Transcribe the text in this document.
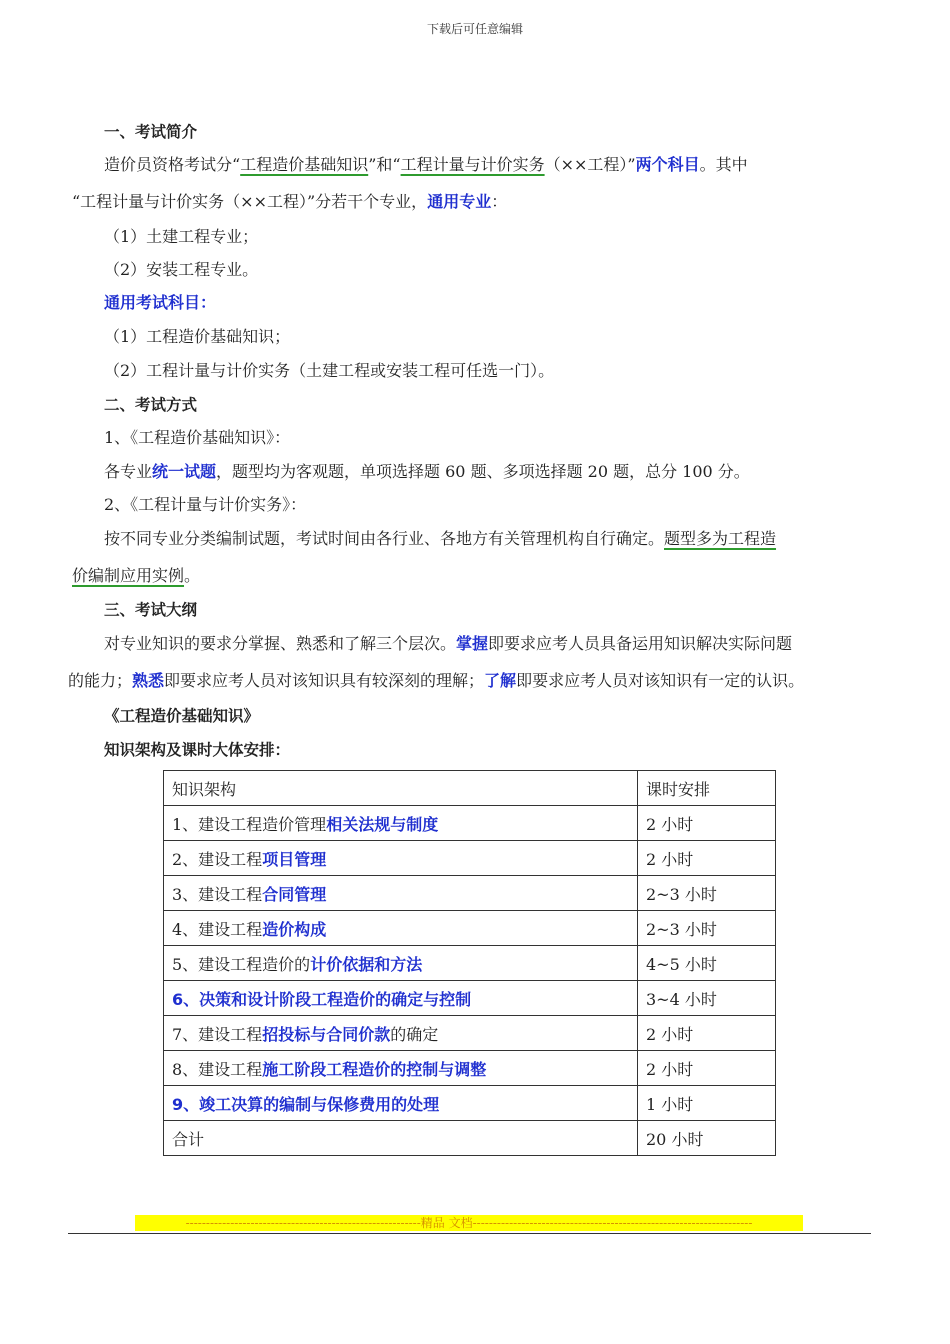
下载后可任意编辑
一、考试简介
造价员资格考试分“工程造价基础知识”和“工程计量与计价实务（××工程）”两个科目。其中
“工程计量与计价实务（××工程）”分若干个专业，通用专业：
（1）土建工程专业；
（2）安装工程专业。
通用考试科目：
（1）工程造价基础知识；
（2）工程计量与计价实务（土建工程或安装工程可任选一门）。
二、考试方式
1、《工程造价基础知识》：
各专业统一试题，题型均为客观题，单项选择题 60 题、多项选择题 20 题，总分 100 分。
2、《工程计量与计价实务》：
按不同专业分类编制试题，考试时间由各行业、各地方有关管理机构自行确定。题型多为工程造
价编制应用实例。
三、考试大纲
对专业知识的要求分掌握、熟悉和了解三个层次。掌握即要求应考人员具备运用知识解决实际问题
的能力；熟悉即要求应考人员对该知识具有较深刻的理解；了解即要求应考人员对该知识有一定的认识。
《工程造价基础知识》
知识架构及课时大体安排：
知识架构	课时安排
1、建设工程造价管理相关法规与制度	2 小时
2、建设工程项目管理	2 小时
3、建设工程合同管理	2~3 小时
4、建设工程造价构成	2~3 小时
5、建设工程造价的计价依据和方法	4~5 小时
6、决策和设计阶段工程造价的确定与控制	3~4 小时
7、建设工程招投标与合同价款的确定	2 小时
8、建设工程施工阶段工程造价的控制与调整	2 小时
9、竣工决算的编制与保修费用的处理	1 小时
合计	20 小时
----------------------------------------------------------精品 文档---------------------------------------------------------------------
